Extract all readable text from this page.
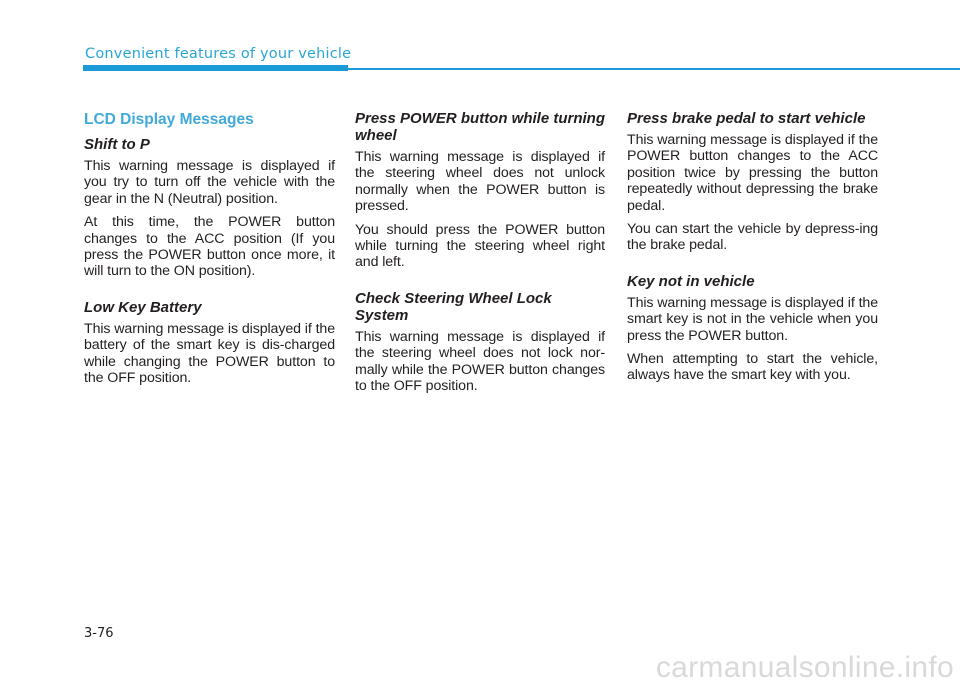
Convenient features of your vehicle
LCD Display Messages
Shift to P

This warning message is displayed if you try to turn off the vehicle with the gear in the N (Neutral) position.

At this time, the POWER button changes to the ACC position (If you press the POWER button once more, it will turn to the ON position).

Low Key Battery

This warning message is displayed if the battery of the smart key is dis-charged while changing the POWER button to the OFF position.

Press POWER button while turning wheel

This warning message is displayed if the steering wheel does not unlock normally when the POWER button is pressed.

You should press the POWER button while turning the steering wheel right and left.

Check Steering Wheel Lock System

This warning message is displayed if the steering wheel does not lock nor-mally while the POWER button changes to the OFF position.

Press brake pedal to start vehicle

This warning message is displayed if the POWER button changes to the ACC position twice by pressing the button repeatedly without depressing the brake pedal.

You can start the vehicle by depress-ing the brake pedal.

Key not in vehicle

This warning message is displayed if the smart key is not in the vehicle when you press the POWER button.

When attempting to start the vehicle, always have the smart key with you.

3-76
carmanualsonline.info
